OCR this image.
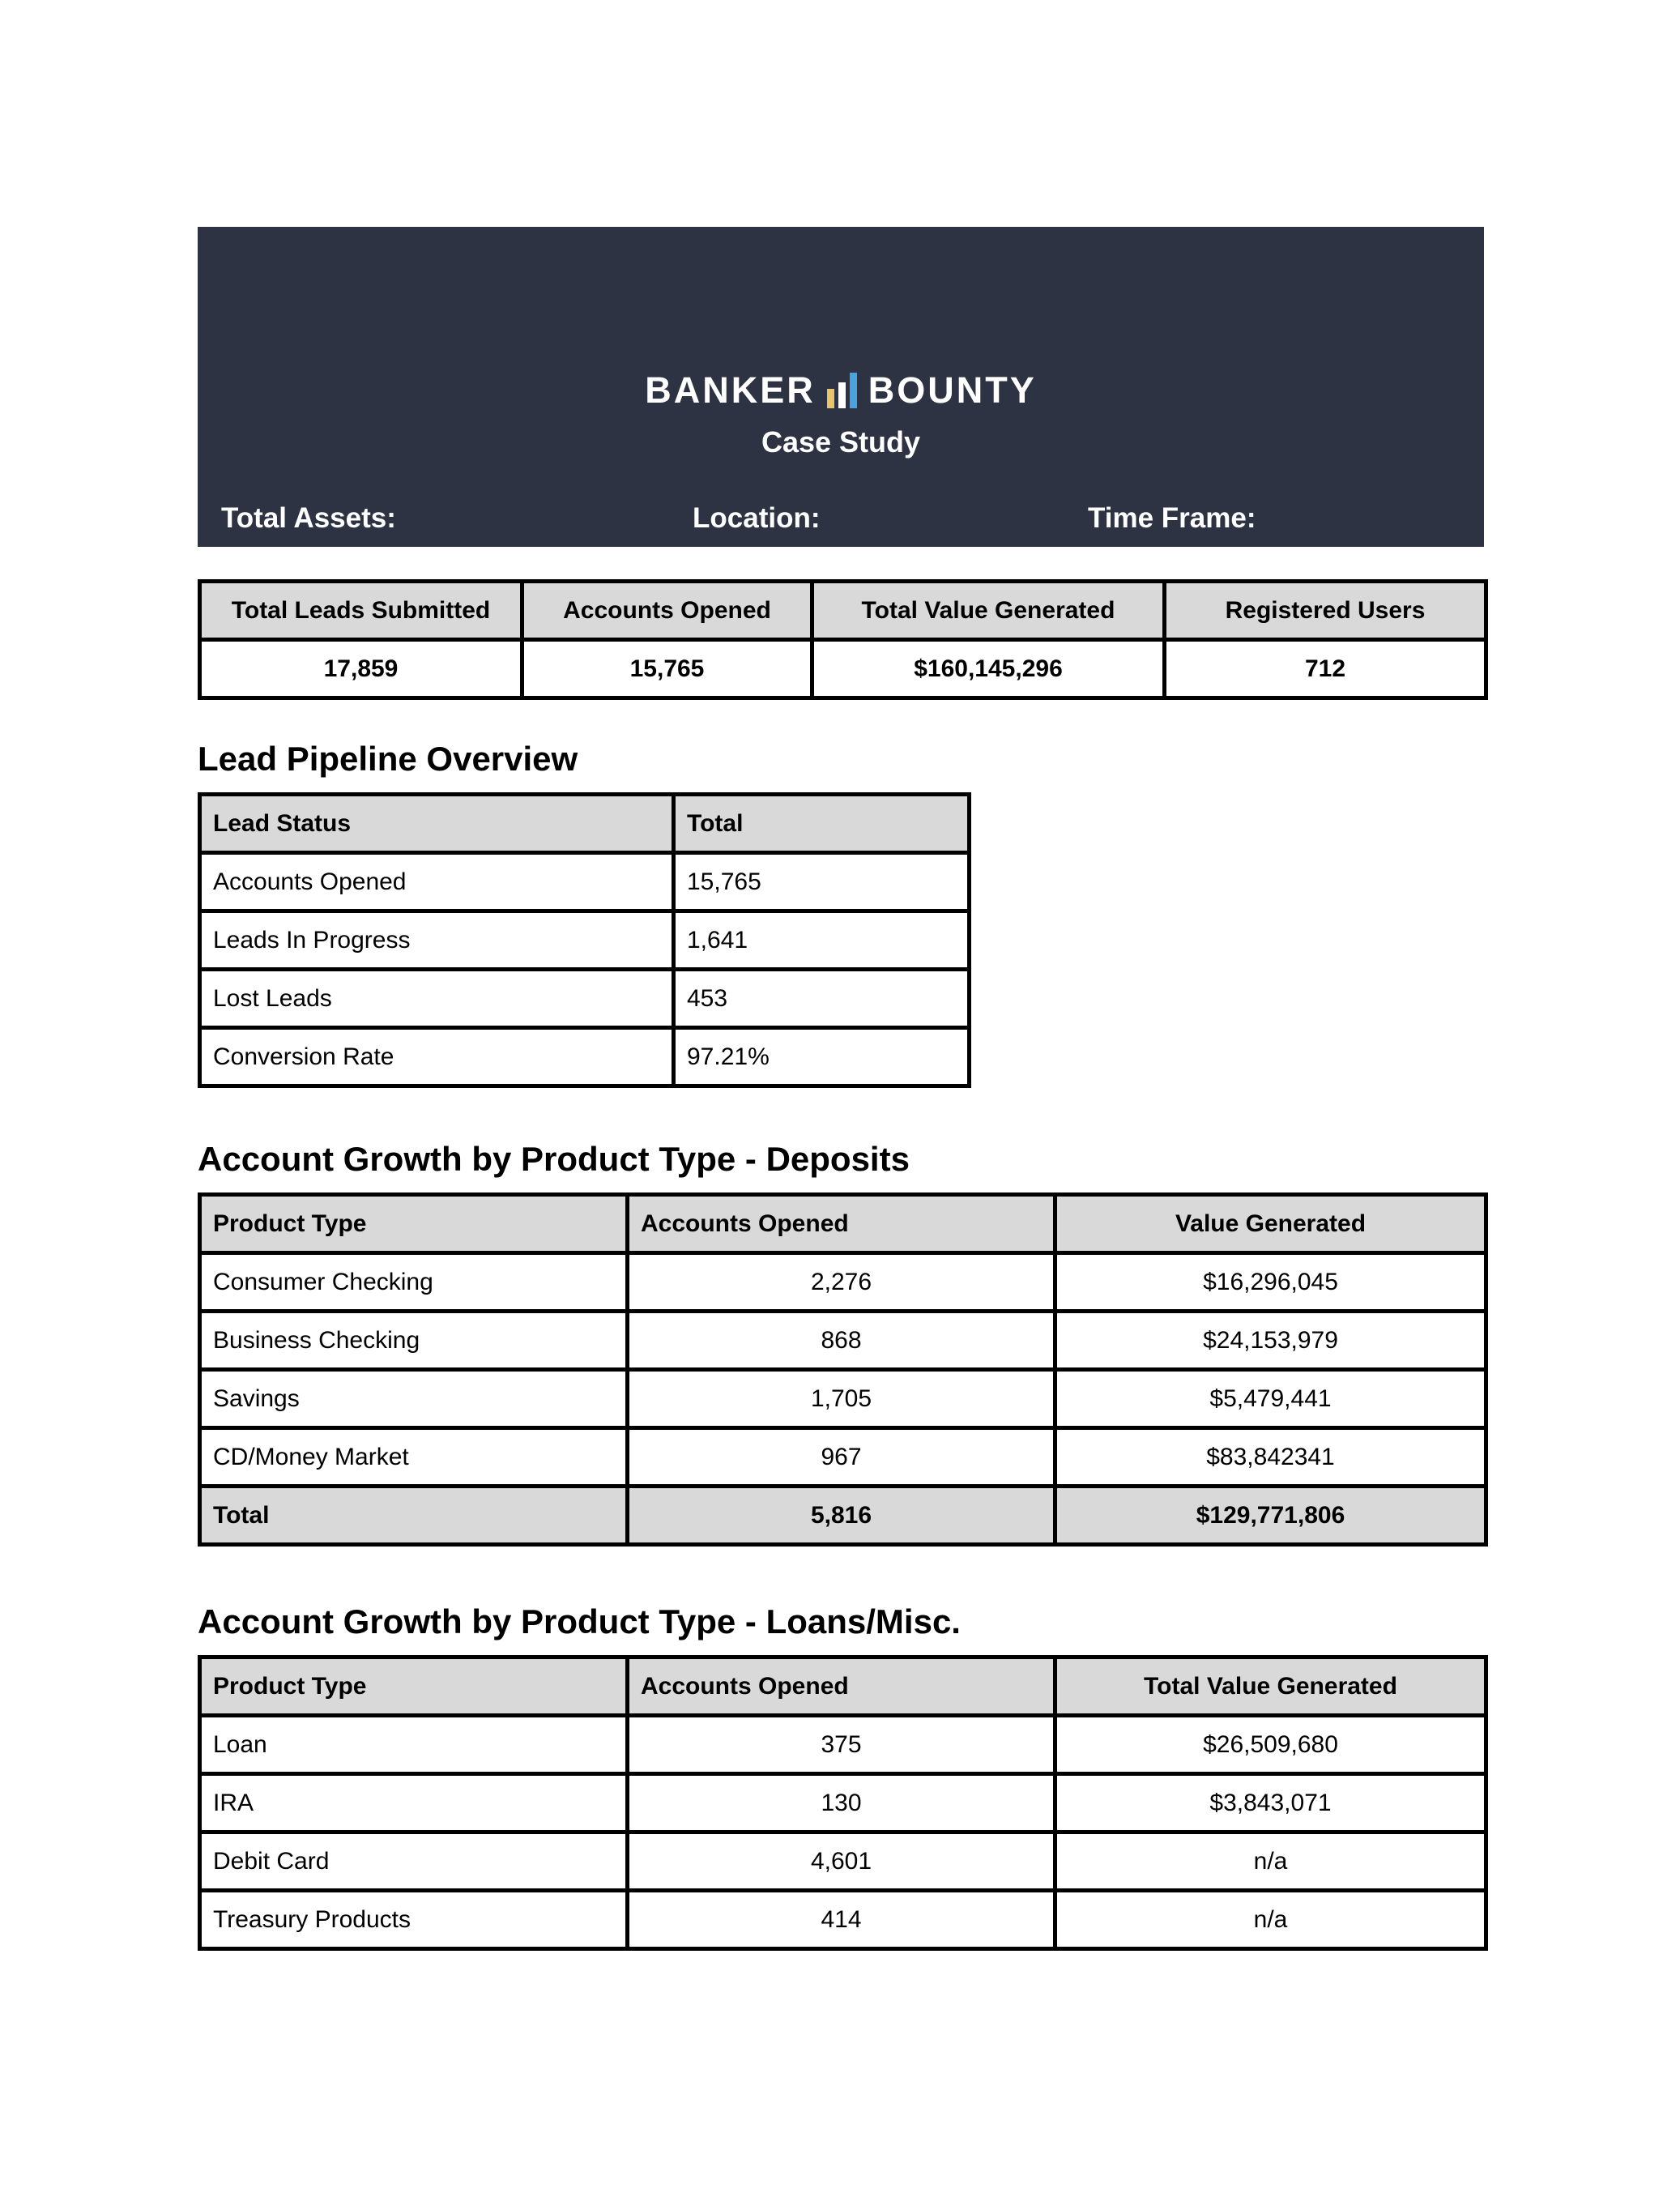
BANKER BOUNTY
Case Study
Total Assets:	Location:	Time Frame:
Total Leads Submitted	Accounts Opened	Total Value Generated	Registered Users
17,859	15,765	$160,145,296	712
Lead Pipeline Overview
Lead Status	Total
Accounts Opened	15,765
Leads In Progress	1,641
Lost Leads	453
Conversion Rate	97.21%
Account Growth by Product Type - Deposits
Product Type	Accounts Opened	Value Generated
Consumer Checking	2,276	$16,296,045
Business Checking	868	$24,153,979
Savings	1,705	$5,479,441
CD/Money Market	967	$83,842341
Total	5,816	$129,771,806
Account Growth by Product Type - Loans/Misc.
Product Type	Accounts Opened	Total Value Generated
Loan	375	$26,509,680
IRA	130	$3,843,071
Debit Card	4,601	n/a
Treasury Products	414	n/a
